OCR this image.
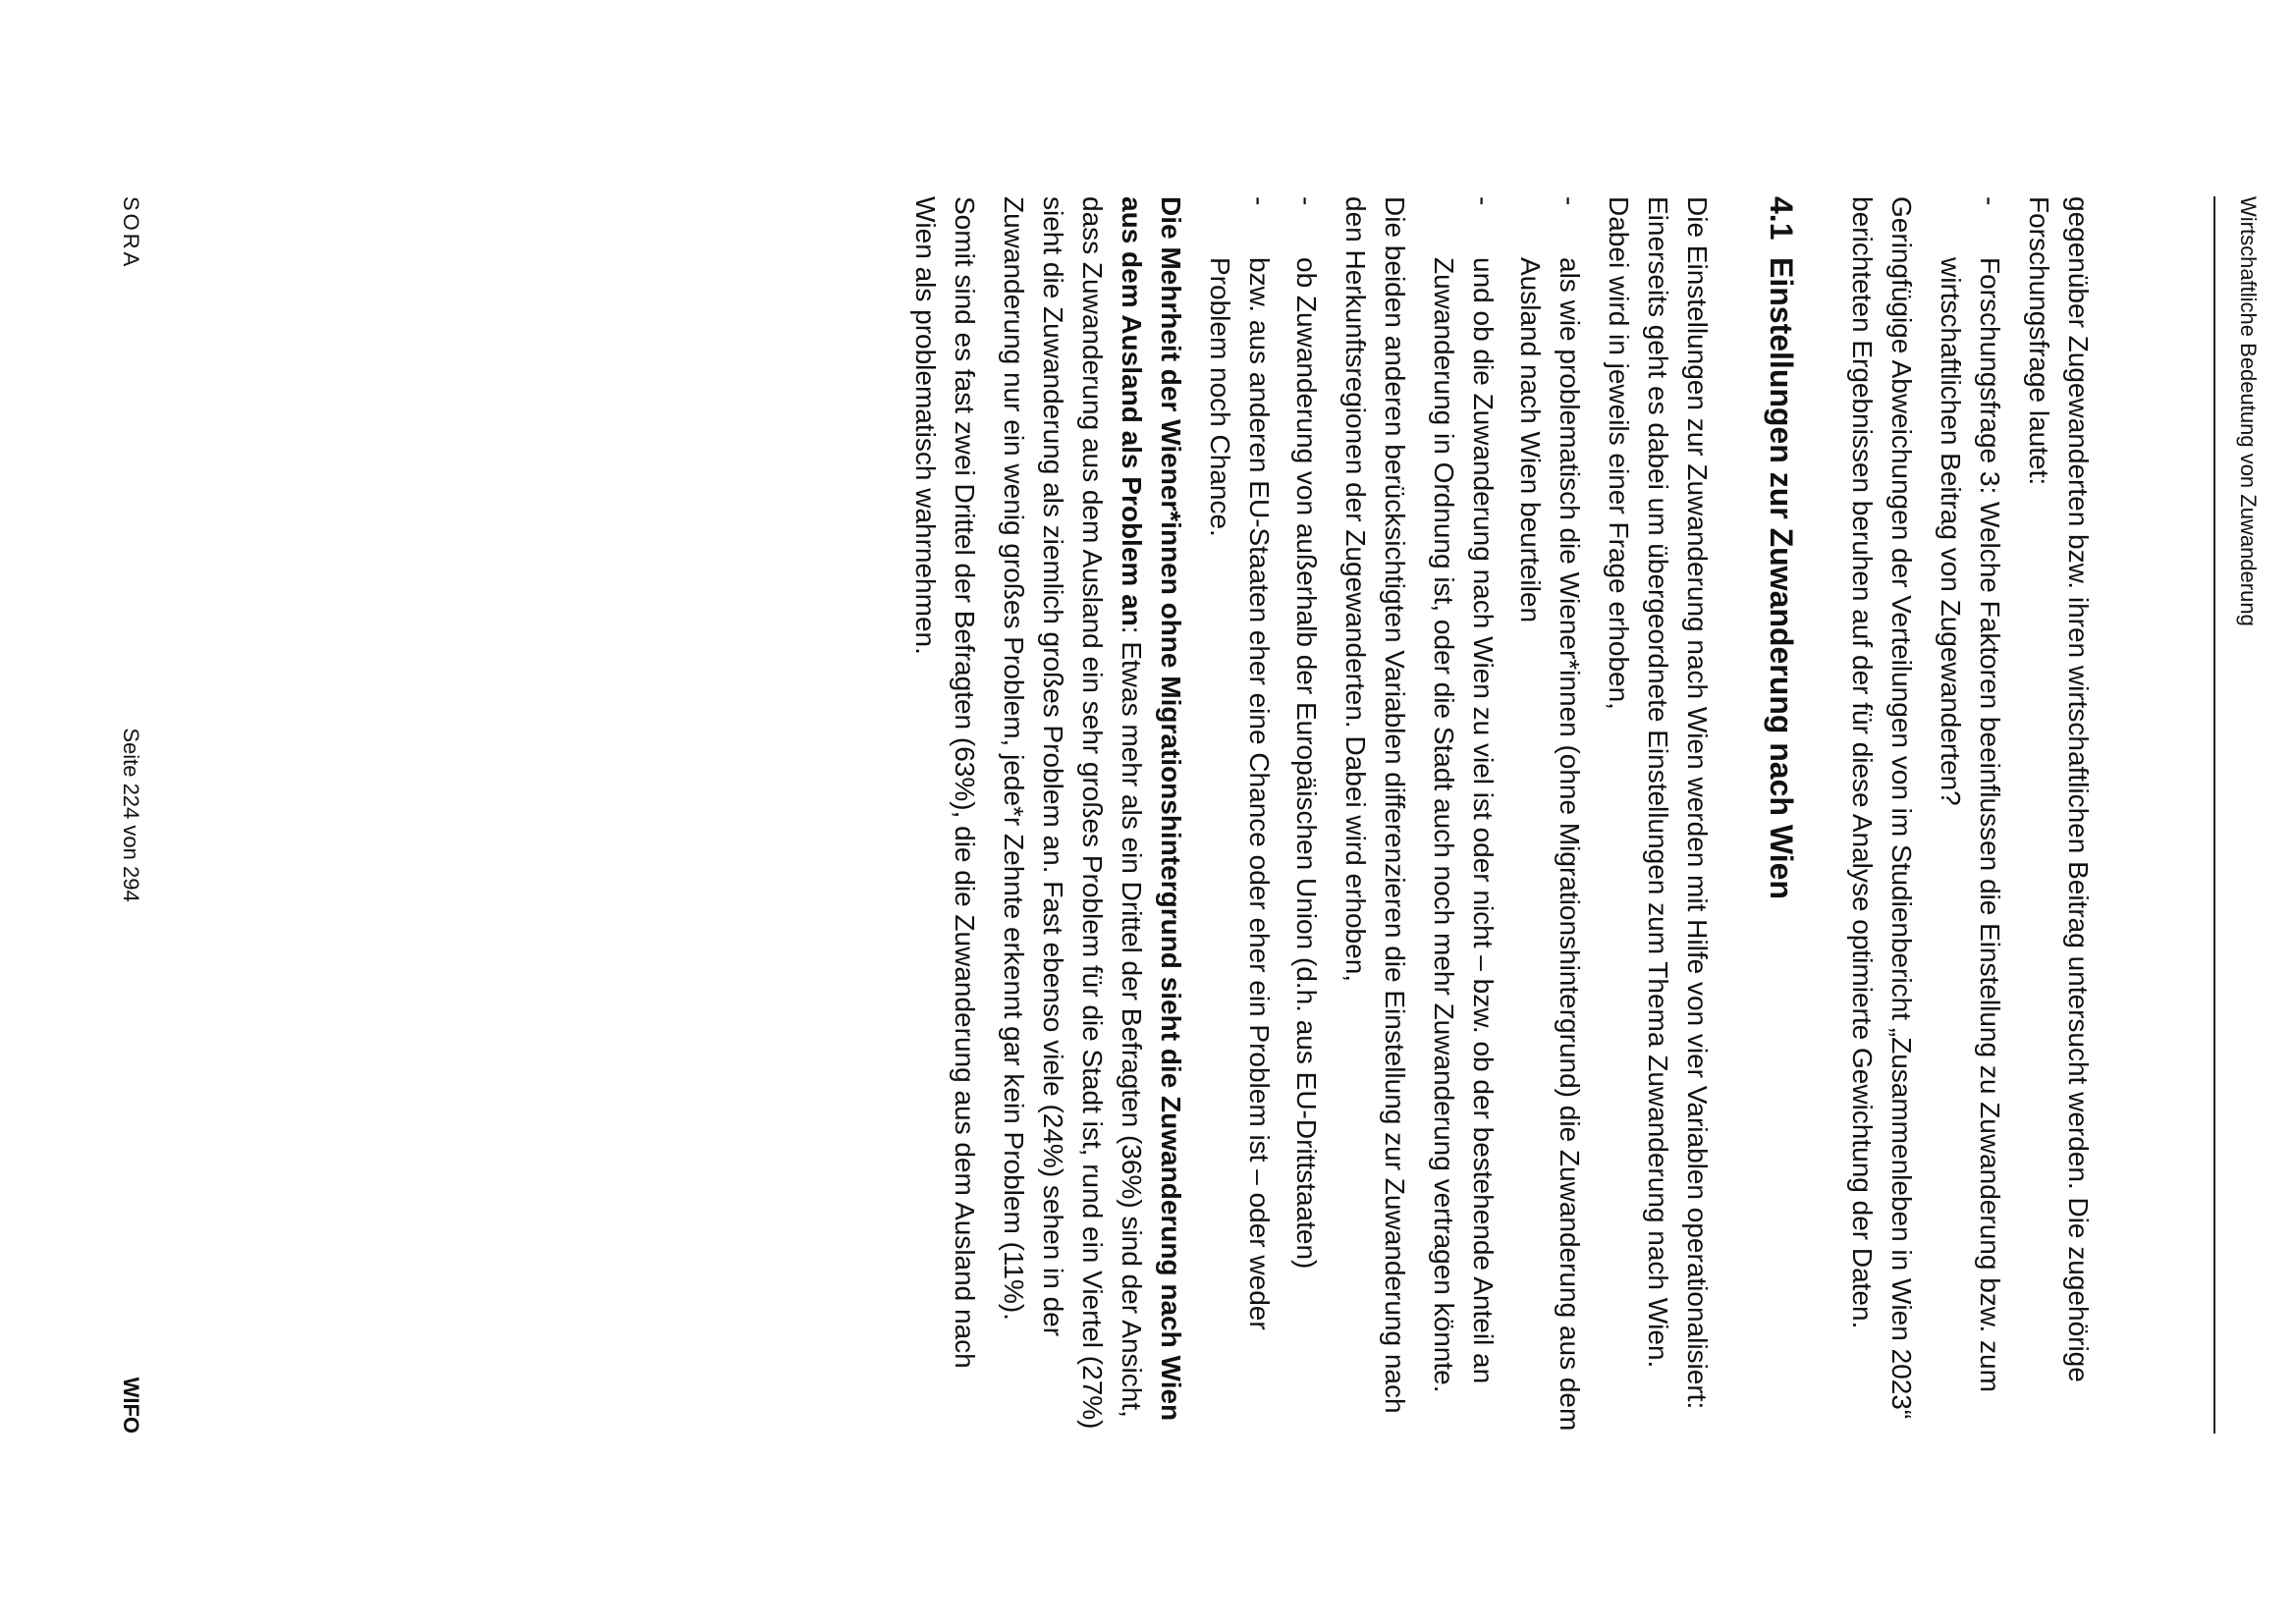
Wirtschaftliche Bedeutung von Zuwanderung

gegenüber Zugewanderten bzw. ihren wirtschaftlichen Beitrag untersucht werden. Die zugehörige Forschungsfrage lautet:

-
Forschungsfrage 3: Welche Faktoren beeinflussen die Einstellung zu Zuwanderung bzw. zum wirtschaftlichen Beitrag von Zugewanderten?

Geringfügige Abweichungen der Verteilungen von im Studienbericht „Zusammenleben in Wien 2023“ berichteten Ergebnissen beruhen auf der für diese Analyse optimierte Gewichtung der Daten.

4.1Einstellungen zur Zuwanderung nach Wien

Die Einstellungen zur Zuwanderung nach Wien werden mit Hilfe von vier Variablen operationalisiert: Einerseits geht es dabei um übergeordnete Einstellungen zum Thema Zuwanderung nach Wien. Dabei wird in jeweils einer Frage erhoben,

-
als wie problematisch die Wiener*innen (ohne Migrationshintergrund) die Zuwanderung aus dem Ausland nach Wien beurteilen
-
und ob die Zuwanderung nach Wien zu viel ist oder nicht – bzw. ob der bestehende Anteil an Zuwanderung in Ordnung ist, oder die Stadt auch noch mehr Zuwanderung vertragen könnte.

Die beiden anderen berücksichtigten Variablen differenzieren die Einstellung zur Zuwanderung nach den Herkunftsregionen der Zugewanderten. Dabei wird erhoben,

-
ob Zuwanderung von außerhalb der Europäischen Union (d.h. aus EU-Drittstaaten)
-
bzw. aus anderen EU-Staaten eher eine Chance oder eher ein Problem ist – oder weder Problem noch Chance.

Die Mehrheit der Wiener*innen ohne Migrationshintergrund sieht die Zuwanderung nach Wien aus dem Ausland als Problem an: Etwas mehr als ein Drittel der Befragten (36%) sind der Ansicht, dass Zuwanderung aus dem Ausland ein sehr großes Problem für die Stadt ist, rund ein Viertel (27%) sieht die Zuwanderung als ziemlich großes Problem an. Fast ebenso viele (24%) sehen in der Zuwanderung nur ein wenig großes Problem, jede*r Zehnte erkennt gar kein Problem (11%).

Somit sind es fast zwei Drittel der Befragten (63%), die die Zuwanderung aus dem Ausland nach Wien als problematisch wahrnehmen.

SORA
Seite 224 von 294
WIFO
